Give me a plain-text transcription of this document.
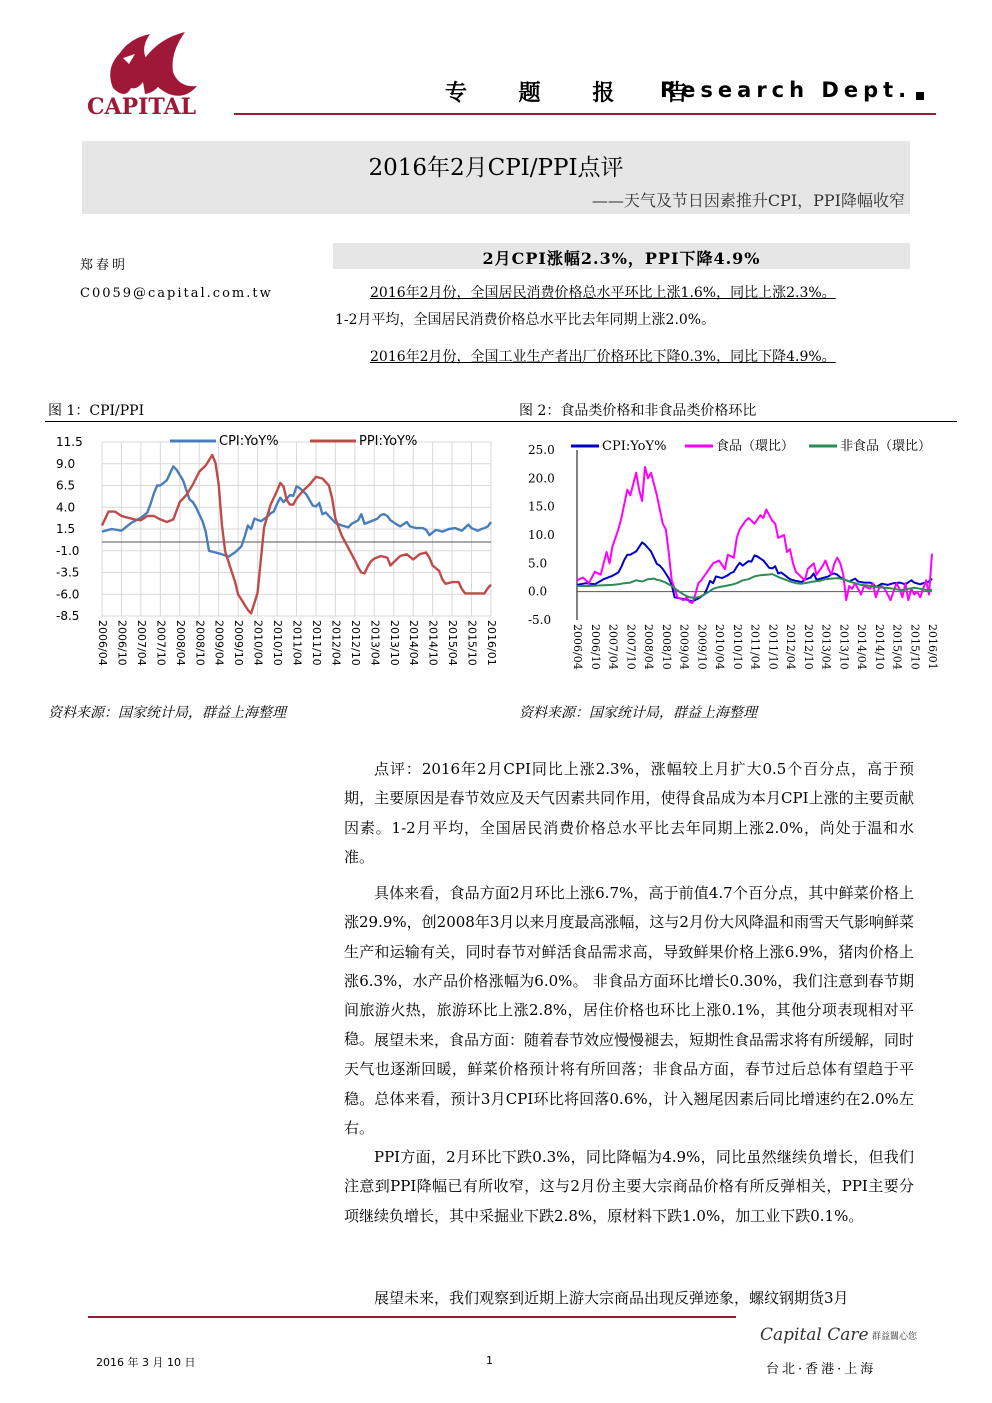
CAPITAL
专 题 报 告
Research Dept.
2016年2月CPI/PPI点评
——天气及节日因素推升CPI，PPI降幅收窄
郑春明
C0059@capital.com.tw
2月CPI涨幅2.3%，PPI下降4.9%
2016年2月份，全国居民消费价格总水平环比上涨1.6%，同比上涨2.3%。
1-2月平均，全国居民消费价格总水平比去年同期上涨2.0%。
2016年2月份，全国工业生产者出厂价格环比下降0.3%，同比下降4.9%。
图 1：CPI/PPI	图 2：食品类价格和非食品类价格环比
11.5
9.0
6.5
4.0
1.5
-1.0
-3.5
-6.0
-8.5
2006/04 2006/10 2007/04 2007/10 2008/04 2008/10 2009/04 2009/10 2010/04 2010/10 2011/04 2011/10 2012/04 2012/10 2013/04 2013/10 2014/04 2014/10 2015/04 2015/10 2016/01
CPI:YoY%	PPI:YoY%
25.0
20.0
15.0
10.0
5.0
0.0
-5.0
2006/04 2006/10 2007/04 2007/10 2008/04 2008/10 2009/04 2009/10 2010/04 2010/10 2011/04 2011/10 2012/04 2012/10 2013/04 2013/10 2014/04 2014/10 2015/04 2015/10 2016/01
CPI:YoY%	食品（環比）	非食品（環比）
资料来源：国家统计局，群益上海整理	资料来源：国家统计局，群益上海整理
点评：2016年2月CPI同比上涨2.3%，涨幅较上月扩大0.5个百分点，高于预期，主要原因是春节效应及天气因素共同作用，使得食品成为本月CPI上涨的主要贡献因素。1-2月平均，全国居民消费价格总水平比去年同期上涨2.0%，尚处于温和水准。
具体来看，食品方面2月环比上涨6.7%，高于前值4.7个百分点，其中鲜菜价格上涨29.9%，创2008年3月以来月度最高涨幅，这与2月份大风降温和雨雪天气影响鲜菜生产和运输有关，同时春节对鲜活食品需求高，导致鲜果价格上涨6.9%，猪肉价格上涨6.3%，水产品价格涨幅为6.0%。 非食品方面环比增长0.30%，我们注意到春节期间旅游火热，旅游环比上涨2.8%，居住价格也环比上涨0.1%，其他分项表现相对平稳。 展望未来，食品方面：随着春节效应慢慢褪去，短期性食品需求将有所缓解，同时天气也逐渐回暖，鲜菜价格预计将有所回落；非食品方面，春节过后总体有望趋于平稳。总体来看，预计3月CPI环比将回落0.6%，计入翘尾因素后同比增速约在2.0%左右。
PPI方面，2月环比下跌0.3%，同比降幅为4.9%，同比虽然继续负增长，但我们注意到PPI降幅已有所收窄，这与2月份主要大宗商品价格有所反弹相关，PPI主要分项继续负增长，其中采掘业下跌2.8%，原材料下跌1.0%，加工业下跌0.1%。
展望未来，我们观察到近期上游大宗商品出现反弹迹象，螺纹钢期货3月
2016 年 3 月 10 日	1
Capital Care 群益關心您
台北·香港·上海
